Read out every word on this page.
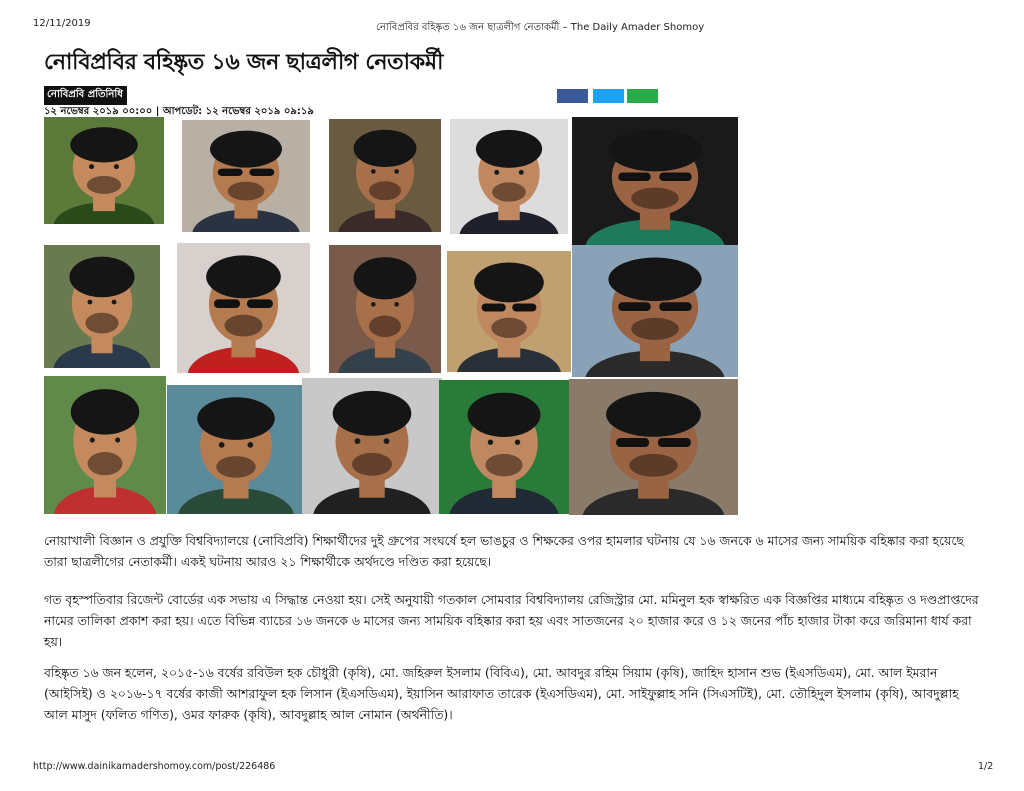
12/11/2019	নোবিপ্রবির বহিষ্কৃত ১৬ জন ছাত্রলীগ নেতাকর্মী – The Daily Amader Shomoy
নোবিপ্রবির বহিষ্কৃত ১৬ জন ছাত্রলীগ নেতাকর্মী
নোবিপ্রবি প্রতিনিধি
১২ নভেম্বর ২০১৯ ০০:০০ | আপডেট: ১২ নভেম্বর ২০১৯ ০৯:১৯
নোয়াখালী বিজ্ঞান ও প্রযুক্তি বিশ্ববিদ্যালয়ে (নোবিপ্রবি) শিক্ষার্থীদের দুই গ্রুপের সংঘর্ষে হল ভাঙচুর ও শিক্ষকের ওপর হামলার ঘটনায় যে ১৬ জনকে ৬ মাসের জন্য সাময়িক বহিষ্কার করা হয়েছে তারা ছাত্রলীগের নেতাকর্মী। একই ঘটনায় আরও ২১ শিক্ষার্থীকে অর্থদণ্ডে দণ্ডিত করা হয়েছে।
গত বৃহস্পতিবার রিজেন্ট বোর্ডের এক সভায় এ সিদ্ধান্ত নেওয়া হয়। সেই অনুযায়ী গতকাল সোমবার বিশ্ববিদ্যালয় রেজিস্ট্রার মো. মমিনুল হক স্বাক্ষরিত এক বিজ্ঞপ্তির মাধ্যমে বহিষ্কৃত ও দণ্ডপ্রাপ্তদের নামের তালিকা প্রকাশ করা হয়। এতে বিভিন্ন ব্যাচের ১৬ জনকে ৬ মাসের জন্য সাময়িক বহিষ্কার করা হয় এবং সাতজনের ২০ হাজার করে ও ১২ জনের পাঁচ হাজার টাকা করে জরিমানা ধার্য করা হয়।
বহিষ্কৃত ১৬ জন হলেন, ২০১৫-১৬ বর্ষের রবিউল হক চৌধুরী (কৃষি), মো. জহিরুল ইসলাম (বিবিএ), মো. আবদুর রহিম সিয়াম (কৃষি), জাহিদ হাসান শুভ (ইএসডিএম), মো. আল ইমরান (আইসিই) ও ২০১৬-১৭ বর্ষের কাজী আশরাফুল হক লিসান (ইএসডিএম), ইয়াসিন আরাফাত তারেক (ইএসডিএম), মো. সাইফুল্লাহ সনি (সিএসটিই), মো. তৌহিদুল ইসলাম (কৃষি), আবদুল্লাহ আল মাসুদ (ফলিত গণিত), ওমর ফারুক (কৃষি), আবদুল্লাহ আল নোমান (অর্থনীতি)।
http://www.dainikamadershomoy.com/post/226486	1/2
